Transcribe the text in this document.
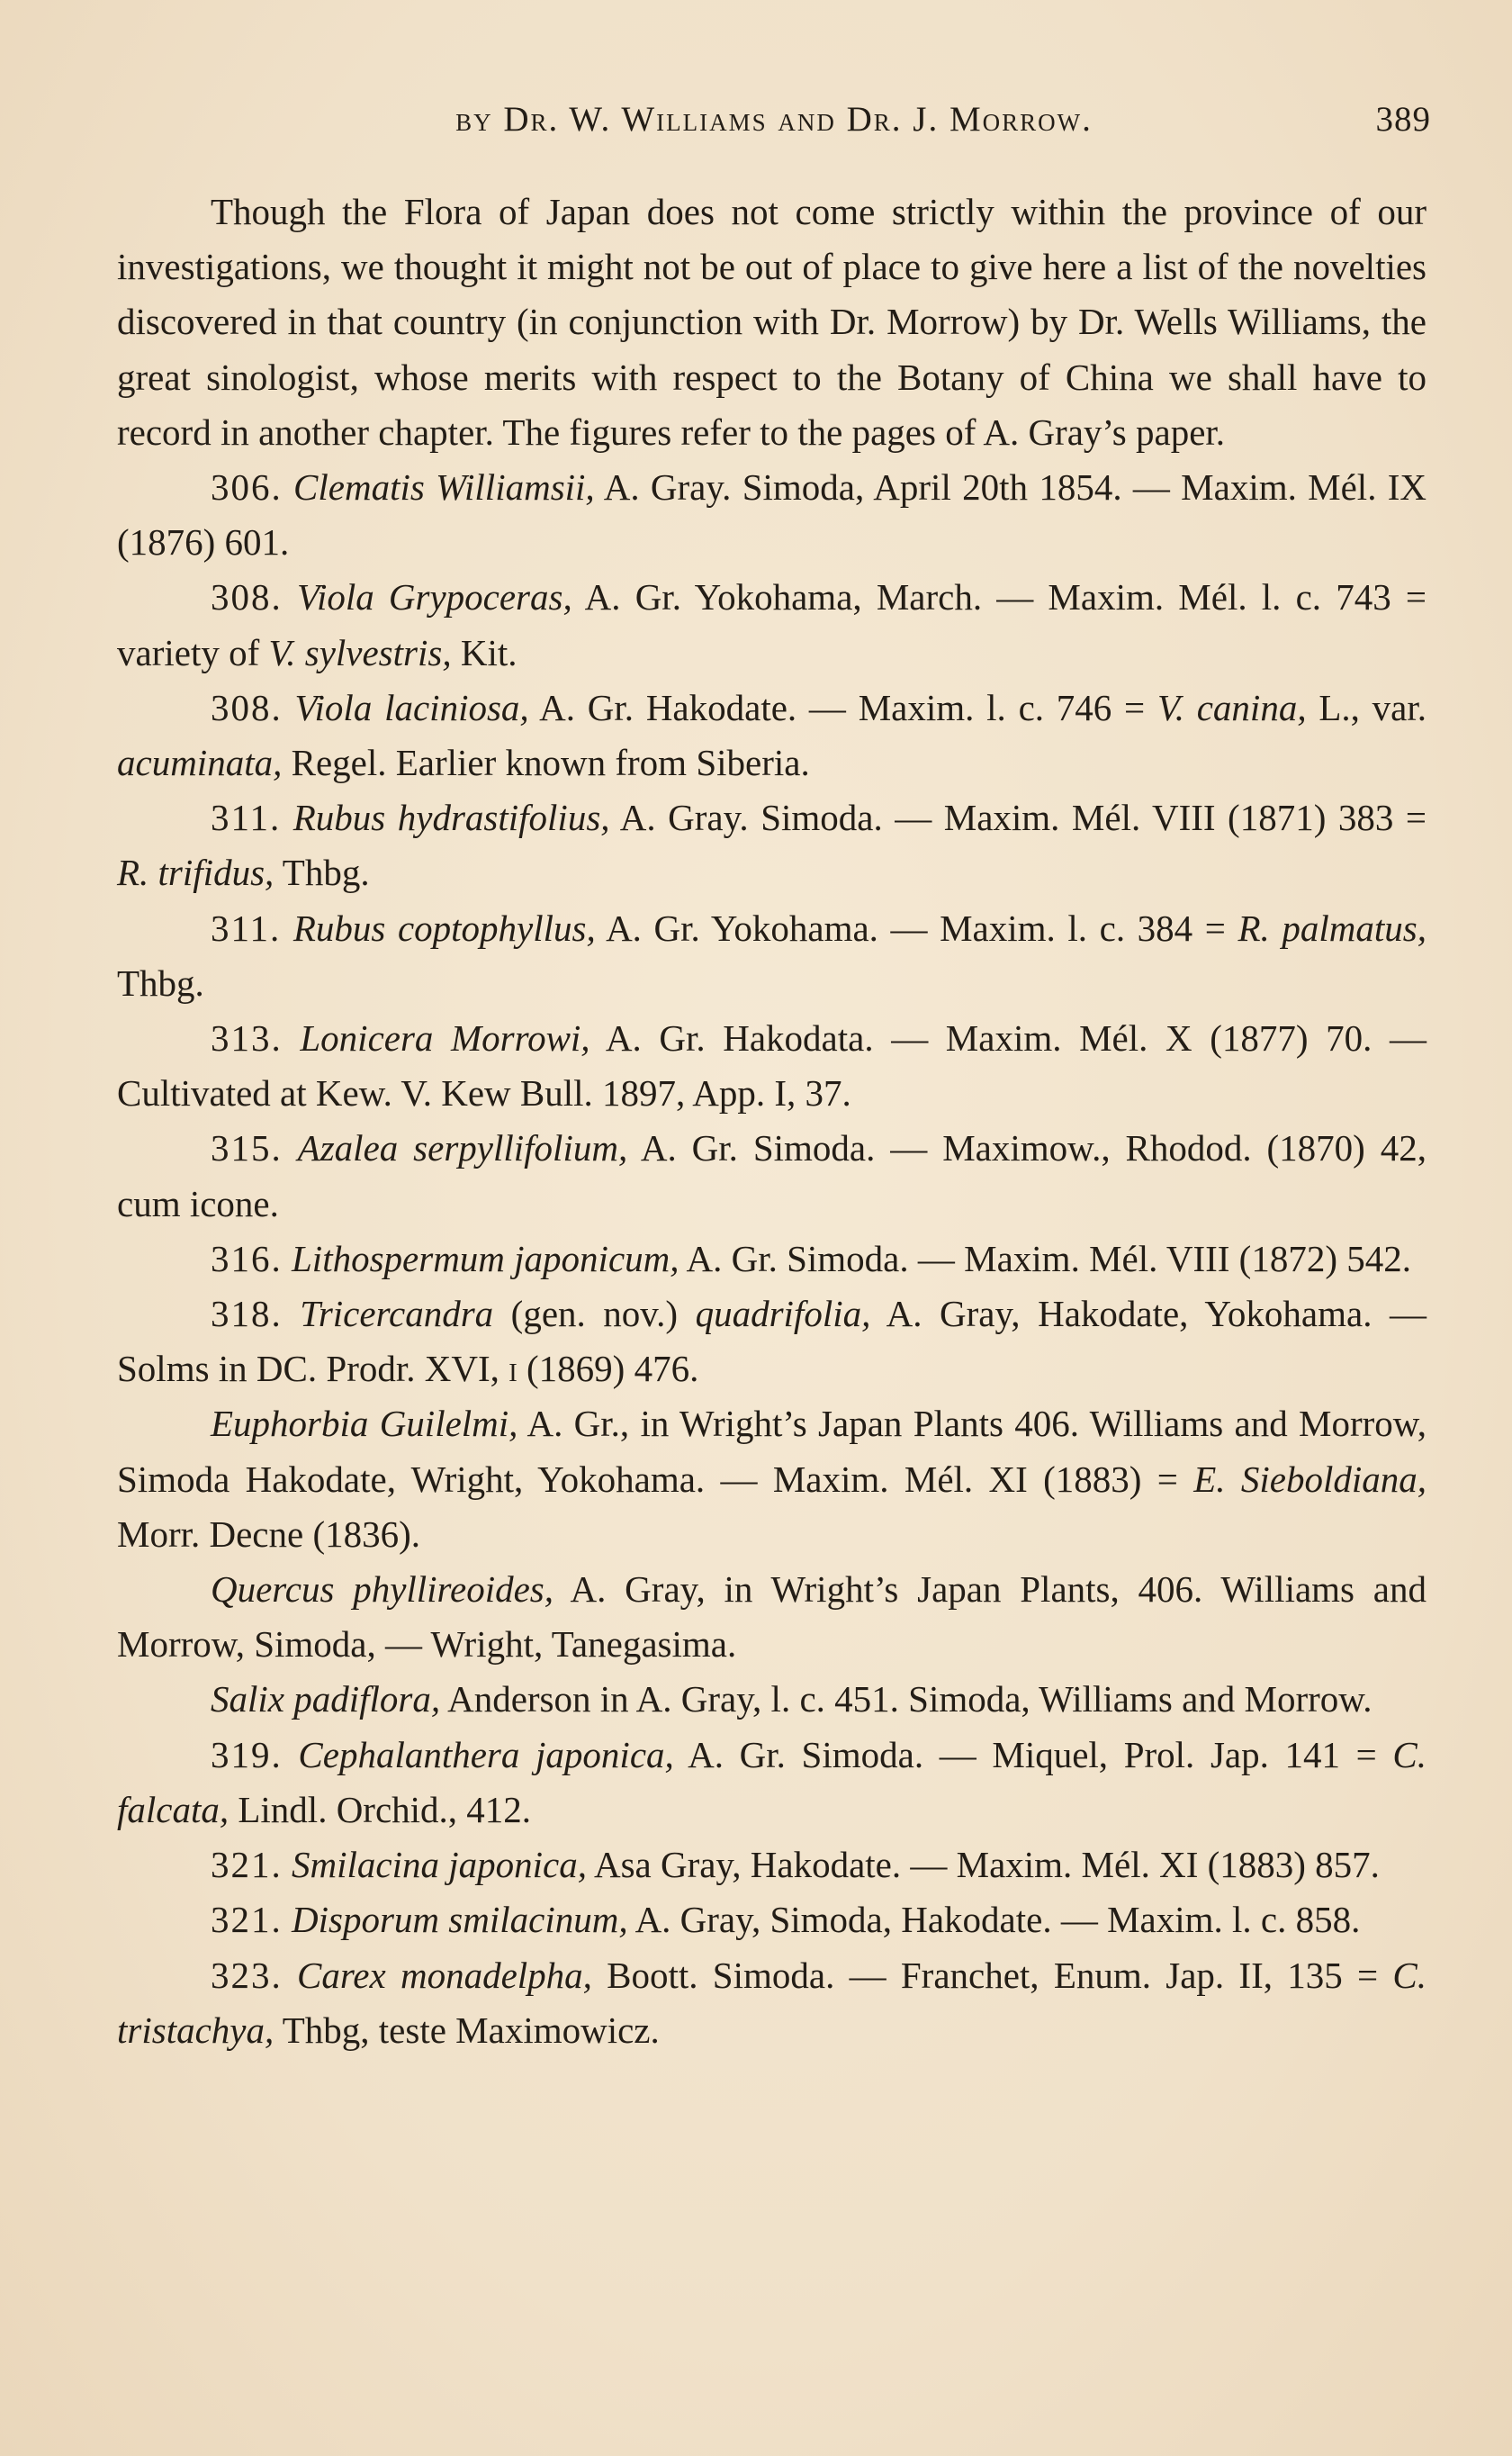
by Dr. W. Williams and Dr. J. Morrow.	389

Though the Flora of Japan does not come strictly within the province of our investigations, we thought it might not be out of place to give here a list of the novelties discovered in that country (in conjunction with Dr. Morrow) by Dr. Wells Williams, the great sinologist, whose merits with respect to the Botany of China we shall have to record in another chapter. The figures refer to the pages of A. Gray’s paper.

306. Clematis Williamsii, A. Gray. Simoda, April 20th 1854. — Maxim. Mél. IX (1876) 601.

308. Viola Grypoceras, A. Gr. Yokohama, March. — Maxim. Mél. l. c. 743 = variety of V. sylvestris, Kit.

308. Viola laciniosa, A. Gr. Hakodate. — Maxim. l. c. 746 = V. canina, L., var. acuminata, Regel. Earlier known from Siberia.

311. Rubus hydrastifolius, A. Gray. Simoda. — Maxim. Mél. VIII (1871) 383 = R. trifidus, Thbg.

311. Rubus coptophyllus, A. Gr. Yokohama. — Maxim. l. c. 384 = R. palmatus, Thbg.

313. Lonicera Morrowi, A. Gr. Hakodata. — Maxim. Mél. X (1877) 70. — Cultivated at Kew. V. Kew Bull. 1897, App. I, 37.

315. Azalea serpyllifolium, A. Gr. Simoda. — Maximow., Rhodod. (1870) 42, cum icone.

316. Lithospermum japonicum, A. Gr. Simoda. — Maxim. Mél. VIII (1872) 542.

318. Tricercandra (gen. nov.) quadrifolia, A. Gray, Hakodate, Yokohama. — Solms in DC. Prodr. XVI, i (1869) 476.

Euphorbia Guilelmi, A. Gr., in Wright’s Japan Plants 406. Williams and Morrow, Simoda Hakodate, Wright, Yokohama. — Maxim. Mél. XI (1883) = E. Sieboldiana, Morr. Decne (1836).

Quercus phyllireoides, A. Gray, in Wright’s Japan Plants, 406. Williams and Morrow, Simoda, — Wright, Tanegasima.

Salix padiflora, Anderson in A. Gray, l. c. 451. Simoda, Williams and Morrow.

319. Cephalanthera japonica, A. Gr. Simoda. — Miquel, Prol. Jap. 141 = C. falcata, Lindl. Orchid., 412.

321. Smilacina japonica, Asa Gray, Hakodate. — Maxim. Mél. XI (1883) 857.

321. Disporum smilacinum, A. Gray, Simoda, Hakodate. — Maxim. l. c. 858.

323. Carex monadelpha, Boott. Simoda. — Franchet, Enum. Jap. II, 135 = C. tristachya, Thbg, teste Maximowicz.
